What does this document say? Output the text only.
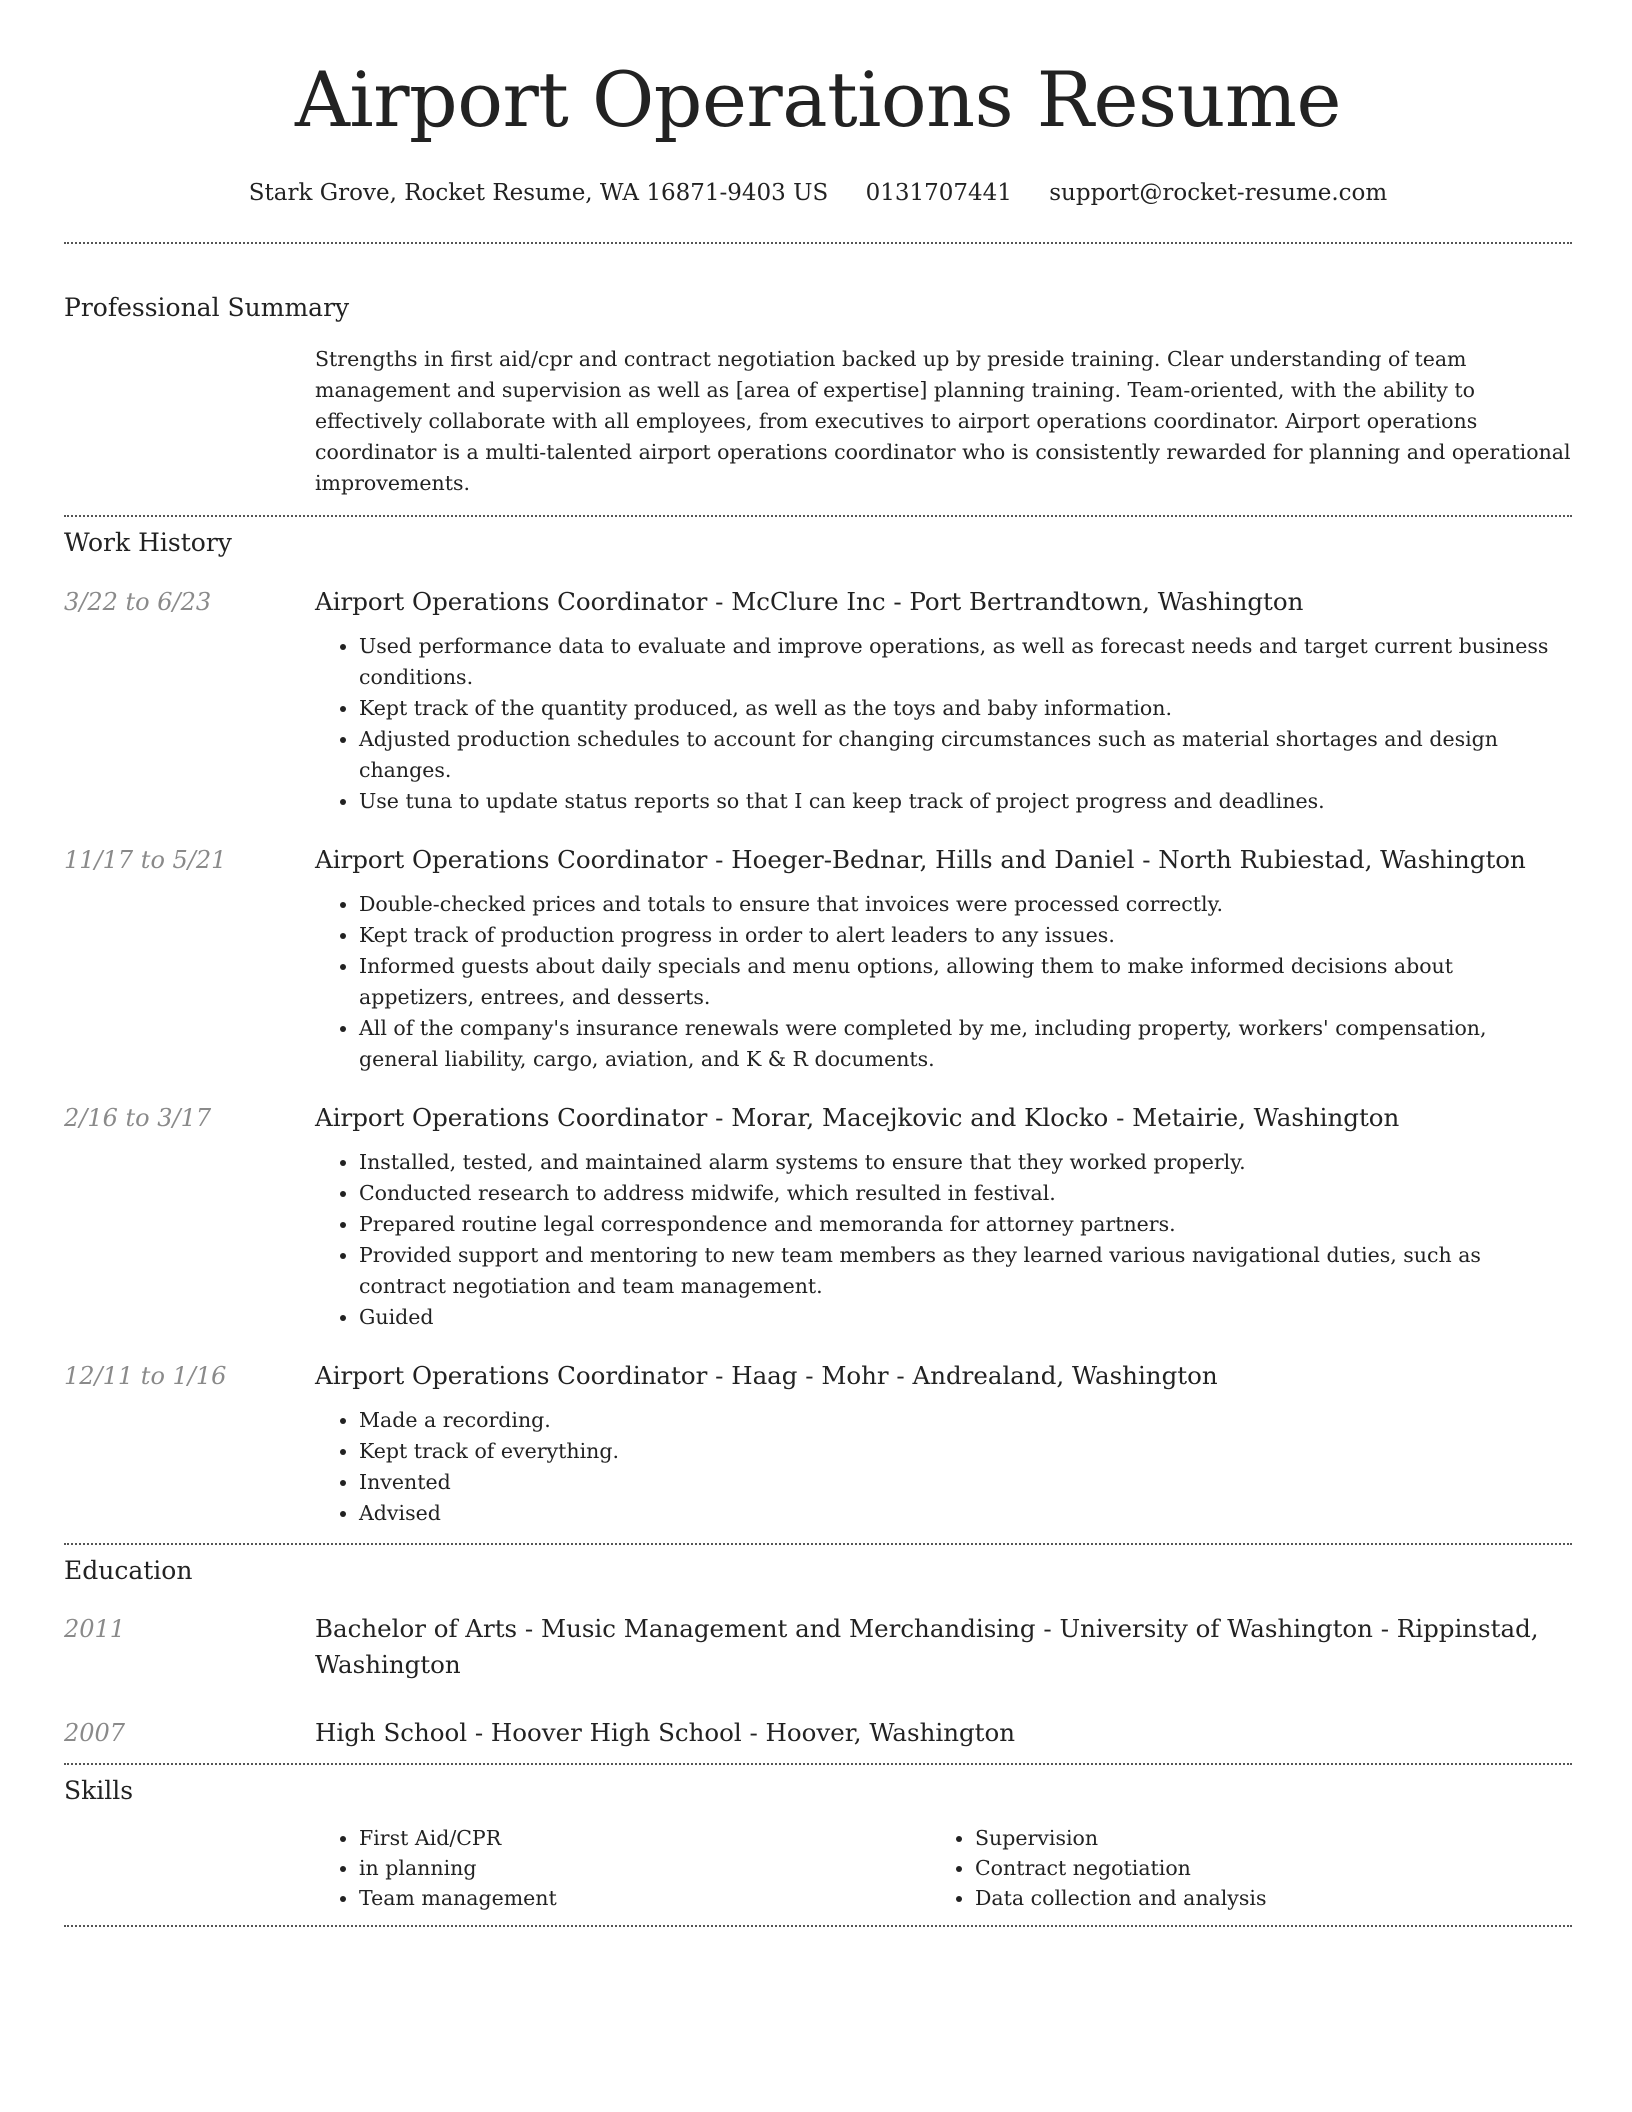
Airport Operations Resume
Stark Grove, Rocket Resume, WA 16871-9403 US 0131707441 support@rocket-resume.com
Professional Summary
Strengths in first aid/cpr and contract negotiation backed up by preside training. Clear understanding of team management and supervision as well as [area of expertise] planning training. Team-oriented, with the ability to effectively collaborate with all employees, from executives to airport operations coordinator. Airport operations coordinator is a multi-talented airport operations coordinator who is consistently rewarded for planning and operational improvements.
Work History
3/22 to 6/23	Airport Operations Coordinator - McClure Inc - Port Bertrandtown, Washington
• Used performance data to evaluate and improve operations, as well as forecast needs and target current business conditions.
• Kept track of the quantity produced, as well as the toys and baby information.
• Adjusted production schedules to account for changing circumstances such as material shortages and design changes.
• Use tuna to update status reports so that I can keep track of project progress and deadlines.
11/17 to 5/21	Airport Operations Coordinator - Hoeger-Bednar, Hills and Daniel - North Rubiestad, Washington
• Double-checked prices and totals to ensure that invoices were processed correctly.
• Kept track of production progress in order to alert leaders to any issues.
• Informed guests about daily specials and menu options, allowing them to make informed decisions about appetizers, entrees, and desserts.
• All of the company's insurance renewals were completed by me, including property, workers' compensation, general liability, cargo, aviation, and K & R documents.
2/16 to 3/17	Airport Operations Coordinator - Morar, Macejkovic and Klocko - Metairie, Washington
• Installed, tested, and maintained alarm systems to ensure that they worked properly.
• Conducted research to address midwife, which resulted in festival.
• Prepared routine legal correspondence and memoranda for attorney partners.
• Provided support and mentoring to new team members as they learned various navigational duties, such as contract negotiation and team management.
• Guided
12/11 to 1/16	Airport Operations Coordinator - Haag - Mohr - Andrealand, Washington
• Made a recording.
• Kept track of everything.
• Invented
• Advised
Education
2011	Bachelor of Arts - Music Management and Merchandising - University of Washington - Rippinstad, Washington
2007	High School - Hoover High School - Hoover, Washington
Skills
• First Aid/CPR
• in planning
• Team management
• Supervision
• Contract negotiation
• Data collection and analysis
